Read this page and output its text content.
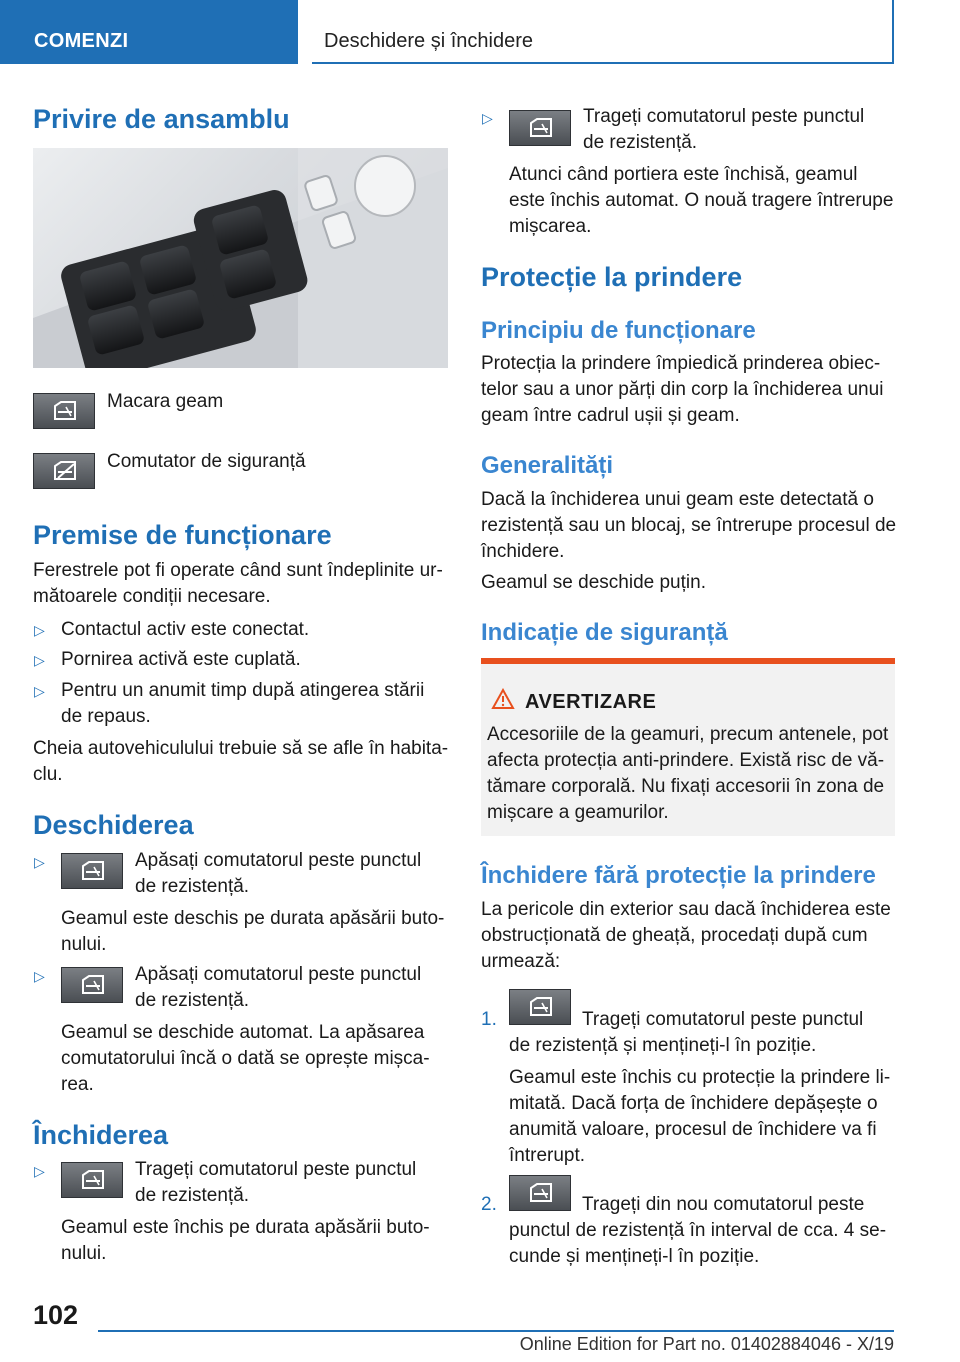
COMENZI	Deschidere și închidere
Privire de ansamblu
Macara geam
Comutator de siguranță
Premise de funcționare
Ferestrele pot fi operate când sunt îndeplinite ur-
mătoarele condiții necesare.
▷ Contactul activ este conectat.
▷ Pornirea activă este cuplată.
▷ Pentru un anumit timp după atingerea stării
de repaus.
Cheia autovehiculului trebuie să se afle în habita-
clu.
Deschiderea
▷	Apăsați comutatorul peste punctul
de rezistență.
Geamul este deschis pe durata apăsării buto-
nului.
▷	Apăsați comutatorul peste punctul
de rezistență.
Geamul se deschide automat. La apăsarea
comutatorului încă o dată se oprește mișca-
rea.
Închiderea
▷	Trageți comutatorul peste punctul
de rezistență.
Geamul este închis pe durata apăsării buto-
nului.
▷	Trageți comutatorul peste punctul
de rezistență.
Atunci când portiera este închisă, geamul
este închis automat. O nouă tragere întrerupe
mișcarea.
Protecție la prindere
Principiu de funcționare
Protecția la prindere împiedică prinderea obiec-
telor sau a unor părți din corp la închiderea unui
geam între cadrul ușii și geam.
Generalități
Dacă la închiderea unui geam este detectată o
rezistență sau un blocaj, se întrerupe procesul de
închidere.
Geamul se deschide puțin.
Indicație de siguranță
AVERTIZARE
Accesoriile de la geamuri, precum antenele, pot
afecta protecția anti-prindere. Există risc de vă-
tămare corporală. Nu fixați accesorii în zona de
mișcare a geamurilor.
Închidere fără protecție la prindere
La pericole din exterior sau dacă închiderea este
obstrucționată de gheață, procedați după cum
urmează:
1.	Trageți comutatorul peste punctul
de rezistență și mențineți-l în poziție.
Geamul este închis cu protecție la prindere li-
mitată. Dacă forța de închidere depășește o
anumită valoare, procesul de închidere va fi
întrerupt.
2.	Trageți din nou comutatorul peste
punctul de rezistență în interval de cca. 4 se-
cunde și mențineți-l în poziție.
102
Online Edition for Part no. 01402884046 - X/19
